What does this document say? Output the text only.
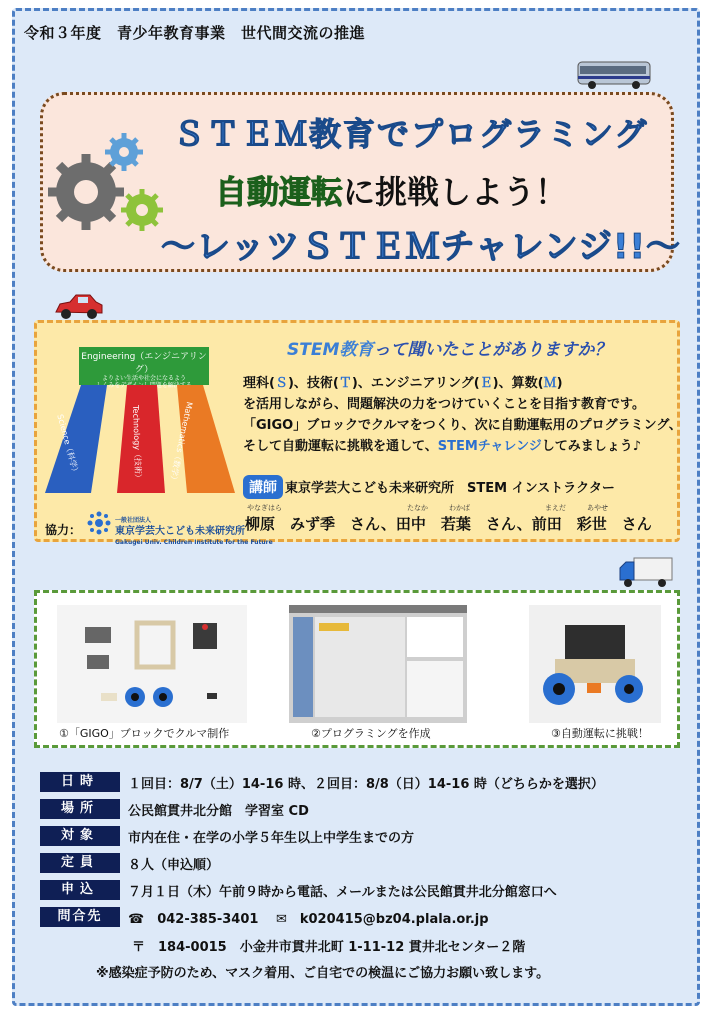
令和３年度　青少年教育事業　世代間交流の推進
ＳＴＥＭ教育でプログラミング
自動運転に挑戦しよう！
～レッツＳＴＥＭチャレンジ!!～
STEM教育って聞いたことがありますか？
Engineering（エンジニアリング）
よりよい生活や社会になるよう
Science（科学）	Technology（技術）	Mathematics（数学）
理科(Ｓ)、技術(Ｔ)、エンジニアリング(Ｅ)、算数(Ｍ)
を活用しながら、問題解決の力をつけていくことを目指す教育です。
「GIGO」ブロックでクルマをつくり、次に自動運転用のプログラミング、
そして自動運転に挑戦を通して、STEMチャレンジしてみましょう♪
講師 東京学芸大こども未来研究所　STEM インストラクター
やなぎはら	たなか	わかば	まえだ	あやせ
柳原　みず季　さん、田中　若葉　さん、前田　彩世　さん
協力：
一般社団法人
東京学芸大こども未来研究所
Gakugei Univ. Children Institute for the Future
①「GIGO」ブロックでクルマ制作	②プログラミングを作成	③自動運転に挑戦！
日時	１回目：8/7（土）14-16 時、２回目：8/8（日）14-16 時（どちらかを選択）
場所	公民館貫井北分館　学習室 CD
対象	市内在住・在学の小学５年生以上中学生までの方
定員	８人（申込順）
申込	７月１日（木）午前９時から電話、メールまたは公民館貫井北分館窓口へ
問合先	☎　042-385-3401　 ✉　k020415@bz04.plala.or.jp
〒　184-0015　小金井市貫井北町 1-11-12 貫井北センター２階
※感染症予防のため、マスク着用、ご自宅での検温にご協力お願い致します。
